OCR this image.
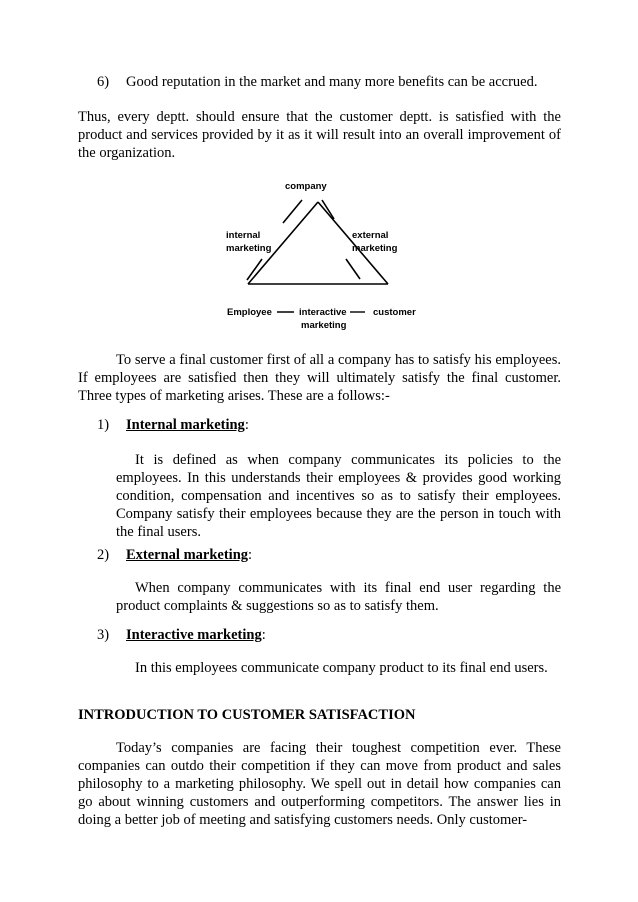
6) Good reputation in the market and many more benefits can be accrued.
Thus, every deptt. should ensure that the customer deptt. is satisfied with the product and services provided by it as it will result into an overall improvement of the organization.
company
internal
marketing
external
marketing
Employee	interactive
marketing
customer
To serve a final customer first of all a company has to satisfy his employees. If employees are satisfied then they will ultimately satisfy the final customer. Three types of marketing arises. These are a follows:-
1) Internal marketing:
It is defined as when company communicates its policies to the employees. In this understands their employees & provides good working condition, compensation and incentives so as to satisfy their employees. Company satisfy their employees because they are the person in touch with the final users.
2) External marketing:
When company communicates with its final end user regarding the product complaints & suggestions so as to satisfy them.
3) Interactive marketing:
In this employees communicate company product to its final end users.
INTRODUCTION TO CUSTOMER SATISFACTION
Today’s companies are facing their toughest competition ever. These companies can outdo their competition if they can move from product and sales philosophy to a marketing philosophy. We spell out in detail how companies can go about winning customers and outperforming competitors. The answer lies in doing a better job of meeting and satisfying customers needs. Only customer-
